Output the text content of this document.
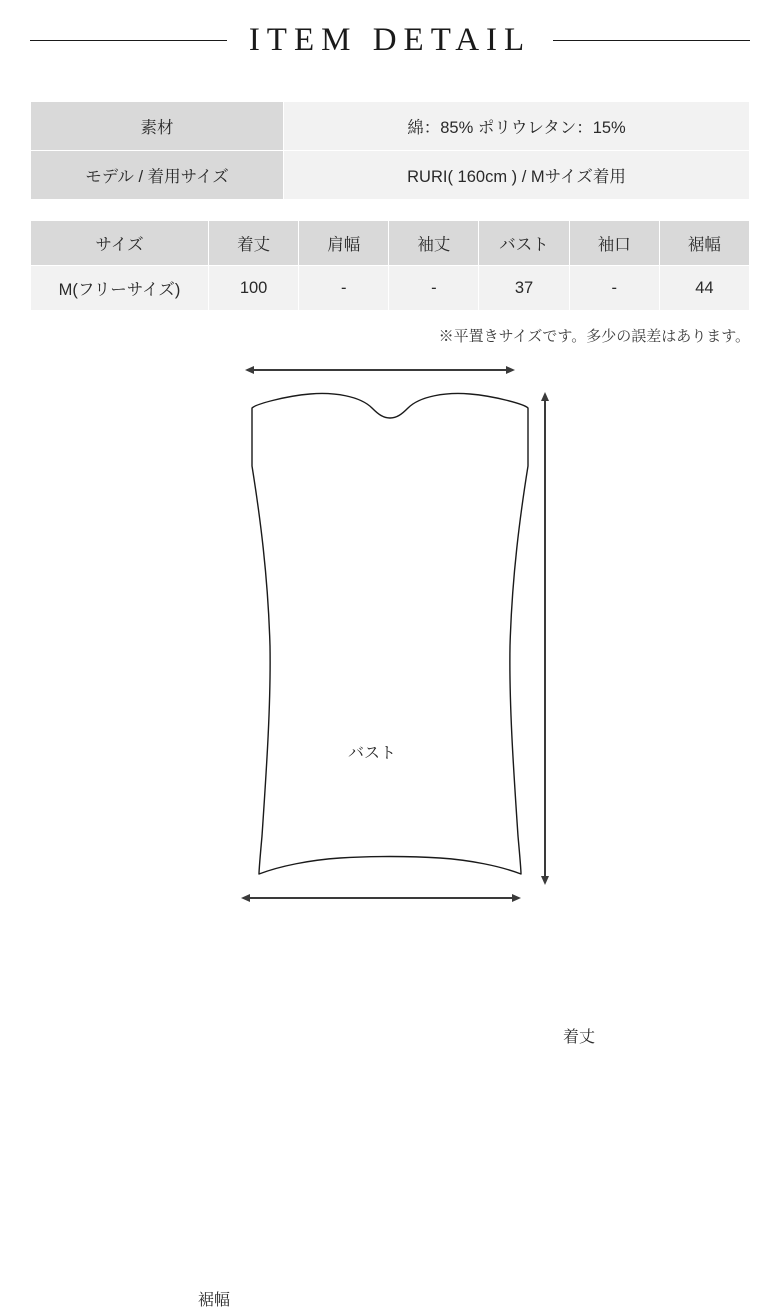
ITEM DETAIL
素材	綿：85% ポリウレタン：15%
モデル / 着用サイズ	RURI( 160cm ) / Mサイズ着用
サイズ	着丈	肩幅	袖丈	バスト	袖口	裾幅
M(フリーサイズ)	100	-	-	37	-	44
※平置きサイズです。多少の誤差はあります。
バスト
着丈
裾幅
